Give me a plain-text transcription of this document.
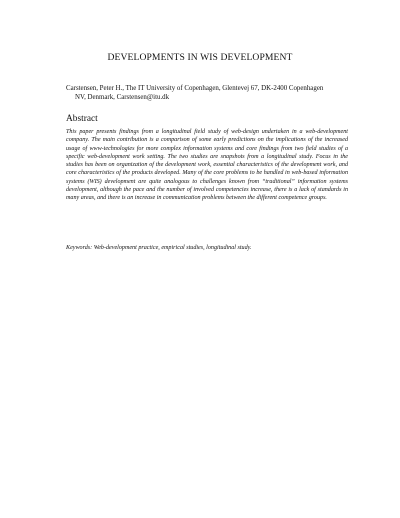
DEVELOPMENTS IN WIS DEVELOPMENT
Carstensen, Peter H., The IT University of Copenhagen, Glentevej 67, DK-2400 Copenhagen
NV, Denmark, Carstensen@itu.dk
Abstract

This paper presents findings from a longitudinal field study of web-design undertaken in a web-development company. The main contribution is a comparison of some early predictions on the implications of the increased usage of www-technologies for more complex information systems and core findings from two field studies of a specific web-development work setting. The two studies are snapshots from a longitudinal study. Focus in the studies has been on organization of the development work, essential characteristics of the development work, and core characteristics of the products developed. Many of the core problems to be handled in web-based information systems (WIS) development are quite analogous to challenges known from “traditional” information systems development, although the pace and the number of involved competencies increase, there is a lack of standards in many areas, and there is an increase in communication problems between the different competence groups.

Keywords: Web-development practice, empirical studies, longitudinal study.
